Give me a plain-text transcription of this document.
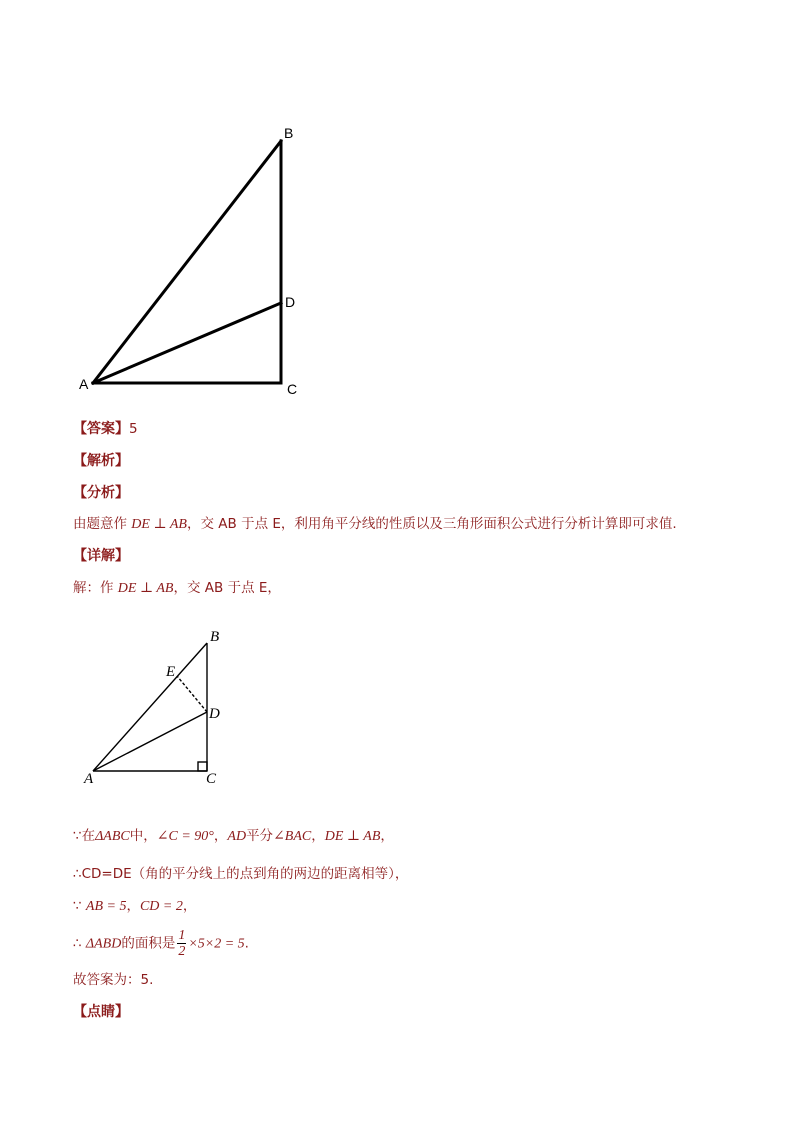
B
D
A	C
【答案】5
【解析】
【分析】
由题意作 DE ⊥ AB，交 AB 于点 E，利用角平分线的性质以及三角形面积公式进行分析计算即可求值.
【详解】
解：作 DE ⊥ AB，交 AB 于点 E，
B
E
D
A	C
∵在ΔABC中，∠C = 90°，AD平分∠BAC，DE ⊥ AB，
∴CD=DE（角的平分线上的点到角的两边的距离相等），
∵ AB = 5，CD = 2，
∴ ΔABD的面积是 $\frac{1}{2} \times 5\times 2 = 5$.
故答案为：5.
【点睛】
